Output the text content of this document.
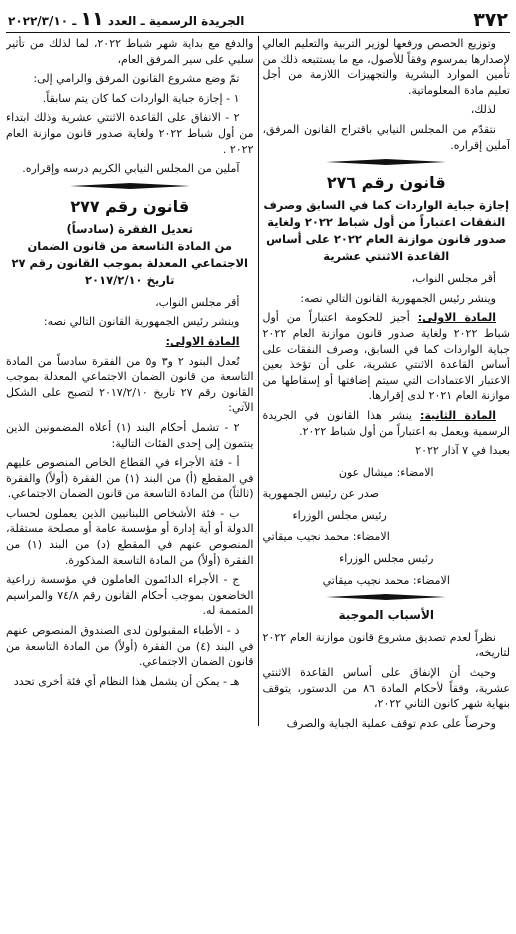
٣٧٢
الجريدة الرسمية ـ العدد ١١ ـ ٢٠٢٢/٣/١٠

وتوزيع الحصص ورفعها لوزير التربية والتعليم العالي لإصدارها بمرسوم وفقاً للأصول، مع ما يستتبعه ذلك من تأمين الموارد البشرية والتجهيزات اللازمة من أجل تعليم مادة المعلوماتية.

لذلك،

نتقدّم من المجلس النيابي باقتراح القانون المرفق، آملين إقراره.

قانون رقم ٢٧٦
إجازة جباية الواردات كما في السابق وصرف النفقات اعتباراً من أول شباط ٢٠٢٢ ولغاية صدور قانون موازنة العام ٢٠٢٢ على أساس القاعدة الاثنتي عشرية

أقر مجلس النواب،

وينشر رئيس الجمهورية القانون التالي نصه:

المادة الاولى: أجيز للحكومة اعتباراً من أول شباط ٢٠٢٢ ولغاية صدور قانون موازنة العام ٢٠٢٢ جباية الواردات كما في السابق، وصرف النفقات على أساس القاعدة الاثنتي عشرية، على أن تؤخذ بعين الاعتبار الاعتمادات التي سيتم إضافتها أو إسقاطها من موازنة العام ٢٠٢١ لدى إقرارها.

المادة الثانية: ينشر هذا القانون في الجريدة الرسمية ويعمل به اعتباراً من أول شباط ٢٠٢٢.

بعبدا في ٧ آذار ٢٠٢٢

الامضاء: ميشال عون

صدر عن رئيس الجمهورية

رئيس مجلس الوزراء

الامضاء: محمد نجيب ميقاتي

رئيس مجلس الوزراء

الامضاء: محمد نجيب ميقاتي

الأسباب الموجبة

نظراً لعدم تصديق مشروع قانون موازنة العام ٢٠٢٢ لتاريخه،

وحيث أن الإنفاق على أساس القاعدة الاثنتي عشرية، وفقاً لأحكام المادة ٨٦ من الدستور، يتوقف بنهاية شهر كانون الثاني ٢٠٢٢،

وحرصاً على عدم توقف عملية الجباية والصرف

والدفع مع بداية شهر شباط ٢٠٢٢، لما لذلك من تأثير سلبي على سير المرفق العام،

تمّ وضع مشروع القانون المرفق والرامي إلى:

١ - إجازة جباية الواردات كما كان يتم سابقاً.

٢ - الانفاق على القاعدة الاثنتي عشرية وذلك ابتداء من أول شباط ٢٠٢٢ ولغاية صدور قانون موازنة العام ٢٠٢٢ .

آملين من المجلس النيابي الكريم درسه وإقراره.

قانون رقم ٢٧٧
تعديل الفقرة (سادساً)
من المادة التاسعة من قانون الضمان الاجتماعي المعدلة بموجب القانون رقم ٢٧
تاريخ ٢٠١٧/٢/١٠

أقر مجلس النواب،

وينشر رئيس الجمهورية القانون التالي نصه:

المادة الاولى:

تُعدل البنود ٢ و٣ و٥ من الفقرة سادساً من المادة التاسعة من قانون الضمان الاجتماعي المعدلة بموجب القانون رقم ٢٧ تاريخ ٢٠١٧/٢/١٠ لتصبح على الشكل الآتي:

٢ - تشمل أحكام البند (١) أعلاه المضمونين الذين ينتمون إلى إحدى الفئات التالية:

أ - فئة الأجراء في القطاع الخاص المنصوص عليهم في المقطع (أ) من البند (١) من الفقرة (أولاً) والفقرة (ثالثاً) من المادة التاسعة من قانون الضمان الاجتماعي.

ب - فئة الأشخاص اللبنانيين الذين يعملون لحساب الدولة أو أية إدارة أو مؤسسة عامة أو مصلحة مستقلة، المنصوص عنهم في المقطع (د) من البند (١) من الفقرة (أولاً) من المادة التاسعة المذكورة.

ج - الأجراء الدائمون العاملون في مؤسسة زراعية الخاضعون بموجب أحكام القانون رقم ٧٤/٨ والمراسيم المتممة له.

د - الأطباء المقبولون لدى الصندوق المنصوص عنهم في البند (٤) من الفقرة (أولاً) من المادة التاسعة من قانون الضمان الاجتماعي.

هـ - يمكن أن يشمل هذا النظام أي فئة أخرى تحدد
